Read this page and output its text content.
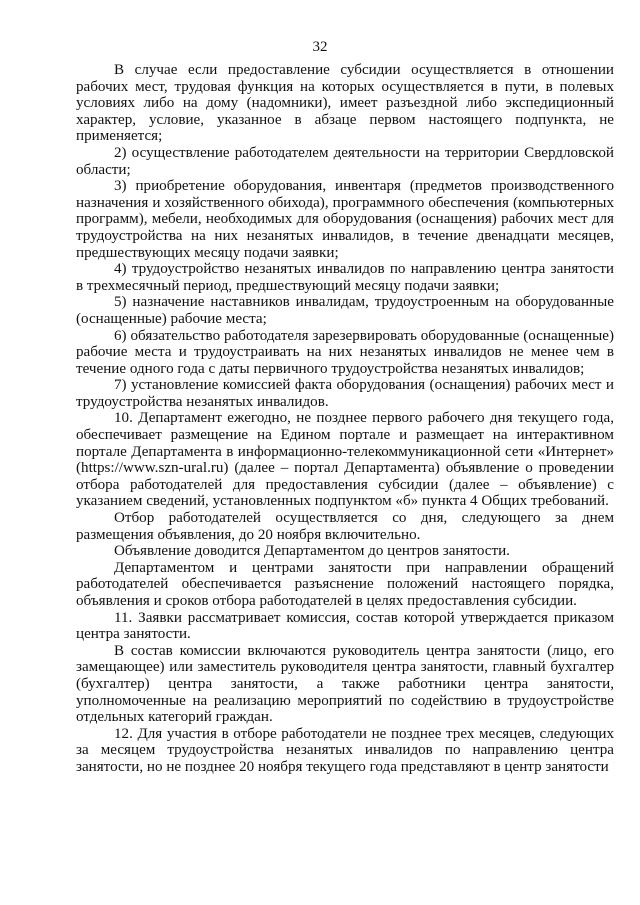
32

В случае если предоставление субсидии осуществляется в отношении рабочих мест, трудовая функция на которых осуществляется в пути, в полевых условиях либо на дому (надомники), имеет разъездной либо экспедиционный характер, условие, указанное в абзаце первом настоящего подпункта, не применяется;

2) осуществление работодателем деятельности на территории Свердловской области;

3) приобретение оборудования, инвентаря (предметов производственного назначения и хозяйственного обихода), программного обеспечения (компьютерных программ), мебели, необходимых для оборудования (оснащения) рабочих мест для трудоустройства на них незанятых инвалидов, в течение двенадцати месяцев, предшествующих месяцу подачи заявки;

4) трудоустройство незанятых инвалидов по направлению центра занятости в трехмесячный период, предшествующий месяцу подачи заявки;

5) назначение наставников инвалидам, трудоустроенным на оборудованные (оснащенные) рабочие места;

6) обязательство работодателя зарезервировать оборудованные (оснащенные) рабочие места и трудоустраивать на них незанятых инвалидов не менее чем в течение одного года с даты первичного трудоустройства незанятых инвалидов;

7) установление комиссией факта оборудования (оснащения) рабочих мест и трудоустройства незанятых инвалидов.

10. Департамент ежегодно, не позднее первого рабочего дня текущего года, обеспечивает размещение на Едином портале и размещает на интерактивном портале Департамента в информационно-телекоммуникационной сети «Интернет» (https://www.szn-ural.ru) (далее – портал Департамента) объявление о проведении отбора работодателей для предоставления субсидии (далее – объявление) с указанием сведений, установленных подпунктом «б» пункта 4 Общих требований.

Отбор работодателей осуществляется со дня, следующего за днем размещения объявления, до 20 ноября включительно.

Объявление доводится Департаментом до центров занятости.

Департаментом и центрами занятости при направлении обращений работодателей обеспечивается разъяснение положений настоящего порядка, объявления и сроков отбора работодателей в целях предоставления субсидии.

11. Заявки рассматривает комиссия, состав которой утверждается приказом центра занятости.

В состав комиссии включаются руководитель центра занятости (лицо, его замещающее) или заместитель руководителя центра занятости, главный бухгалтер (бухгалтер) центра занятости, а также работники центра занятости, уполномоченные на реализацию мероприятий по содействию в трудоустройстве отдельных категорий граждан.

12. Для участия в отборе работодатели не позднее трех месяцев, следующих за месяцем трудоустройства незанятых инвалидов по направлению центра занятости, но не позднее 20 ноября текущего года представляют в центр занятости
